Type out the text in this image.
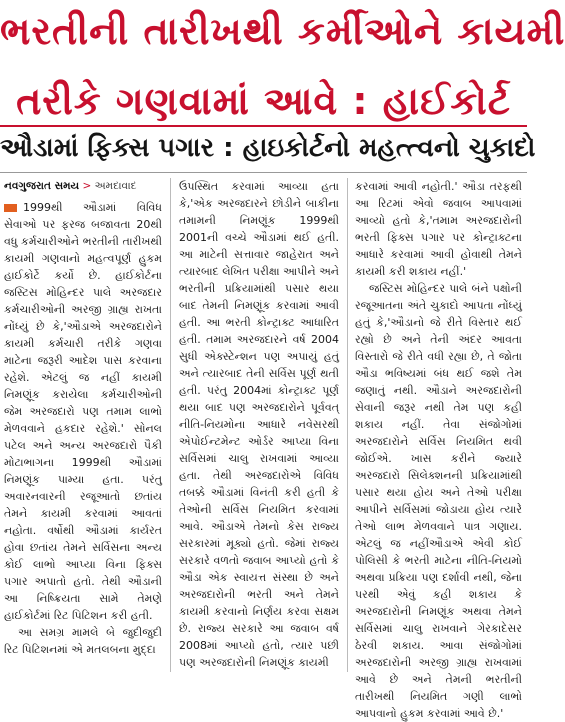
ભરતીની તારીખથી કર્મીઓને કાયમી
તરીકે ગણવામાં આવે : હાઈકોર્ટ
ઔડામાં ફિક્સ પગાર : હાઇકોર્ટનો મહત્ત્વનો ચુકાદો
નવગુજરાત સમય > અમદાવાદ

1999થી ઔડામાં વિવિધ સેવાઓ પર ફરજ બજાવતા 20થી વધુ કર્મચારીઓને ભરતીની તારીખથી કાયમી ગણવાનો મહત્વપૂર્ણ હુકમ હાઈકોર્ટે કર્યો છે. હાઈકોર્ટના જસ્ટિસ મોહિન્દર પાલે અરજદાર કર્મચારીઓની અરજી ગ્રાહ્ય રાખતા નોંધ્યું છે કે,'ઔડાએ અરજદારોને કાયમી કર્મચારી તરીકે ગણવા માટેના જરૂરી આદેશ પાસ કરવાના રહેશે. એટલું જ નહીં કાયમી નિમણૂંક કરાયેલા કર્મચારીઓની જેમ અરજદારો પણ તમામ લાભો મેળવવાને હકદાર રહેશે.' સોનલ પટેલ અને અન્ય અરજદારો પૈકી મોટાભાગના 1999થી ઔડામાં નિમણૂંક પામ્યા હતા. પરંતુ અવારનવારની રજૂઆતો છતાંય તેમને કાયમી કરવામાં આવતાં નહોતા. વર્ષોથી ઔડામાં કાર્યરત હોવા છતાંય તેમને સર્વિસના અન્ય કોઈ લાભો આપ્યા વિના ફિક્સ પગાર અપાતો હતો. તેથી ઔડાની આ નિષ્ક્રિયતા સામે તેમણે હાઈકોર્ટમાં રિટ પિટિશન કરી હતી.

આ સમગ્ર મામલે બે જુદીજુદી રિટ પિટિશનમાં એ મતલબના મુદ્દા

ઉપસ્થિત કરવામાં આવ્યા હતા કે,'એક અરજદારને છોડીને બાકીના તમામની નિમણૂંક 1999થી 2001ની વચ્ચે ઔડામાં થઈ હતી. આ માટેની સત્તાવાર જાહેરાત અને ત્યારબાદ લેખિત પરીક્ષા આપીને અને ભરતીની પ્રક્રિયામાંથી પસાર થયા બાદ તેમની નિમણૂંક કરવામાં આવી હતી. આ ભરતી કોન્ટ્રાક્ટ આધારિત હતી. તમામ અરજદારને વર્ષ 2004 સુધી એક્સ્ટેન્શન પણ અપાયું હતું અને ત્યારબાદ તેની સર્વિસ પૂર્ણ થતી હતી. પરંતુ 2004માં કોન્ટ્રાક્ટ પૂર્ણ થયા બાદ પણ અરજદારોને પૂર્વવત્ નીતિ-નિયમોના આધારે નવેસરથી એપોઈન્ટમેન્ટ ઓર્ડર આપ્યા વિના સર્વિસમાં ચાલુ રાખવામાં આવ્યા હતા. તેથી અરજદારોએ વિવિધ તબક્કે ઔડામાં વિનંતી કરી હતી કે તેઓની સર્વિસ નિયમિત કરવામાં આવે. ઔડાએ તેમનો કેસ રાજ્ય સરકારમાં મૂક્યો હતો. જેમાં રાજ્ય સરકારે વળતો જવાબ આપ્યો હતો કે ઔડા એક સ્વાયત્ત સંસ્થા છે અને અરજદારોની ભરતી અને તેમને કાયમી કરવાનો નિર્ણય કરવા સક્ષમ છે. રાજ્ય સરકારે આ જવાબ વર્ષ 2008માં આપ્યો હતો, ત્યાર પછી પણ અરજદારોની નિમણૂંક કાયમી

કરવામાં આવી નહોતી.' ઔડા તરફથી આ રિટમાં એવો જવાબ આપવામાં આવ્યો હતો કે,'તમામ અરજદારોની ભરતી ફિક્સ પગાર પર કોન્ટ્રાક્ટના આધારે કરવામાં આવી હોવાથી તેમને કાયમી કરી શકાય નહીં.'

જસ્ટિસ મોહિન્દર પાલે બંને પક્ષોની રજૂઆતના અંતે ચુકાદો આપતા નોંધ્યું હતું કે,'ઔડાનો જે રીતે વિસ્તાર થઈ રહ્યો છે અને તેની અંદર આવતા વિસ્તારો જે રીતે વધી રહ્યા છે, તે જોતા ઔડા ભવિષ્યમાં બંધ થઈ જશે તેમ જણાતું નથી. ઔડાને અરજદારોની સેવાની જરૂર નથી તેમ પણ કહી શકાય નહીં. તેવા સંજોગોમાં અરજદારોને સર્વિસ નિયમિત થવી જોઈએ. ખાસ કરીને જ્યારે અરજદારો સિલેક્શનની પ્રક્રિયામાંથી પસાર થયા હોય અને તેઓ પરીક્ષા આપીને સર્વિસમાં જોડાયા હોય ત્યારે તેઓ લાભ મેળવવાને પાત્ર ગણાય. એટલું જ નહીંઔડાએ એવી કોઈ પોલિસી કે ભરતી માટેના નીતિ-નિયમો અથવા પ્રક્રિયા પણ દર્શાવી નથી, જેના પરથી એવું કહી શકાય કે અરજદારોની નિમણૂંક અથવા તેમને સર્વિસમાં ચાલુ રાખવાને ગેરકાદેસર ઠેરવી શકાય. આવા સંજોગોમાં અરજદારોની અરજી ગ્રાહ્ય રાખવામાં આવે છે અને તેમની ભરતીની તારીખથી નિયમિત ગણી લાભો આપવાનો હુકમ કરવામાં આવે છે.'
